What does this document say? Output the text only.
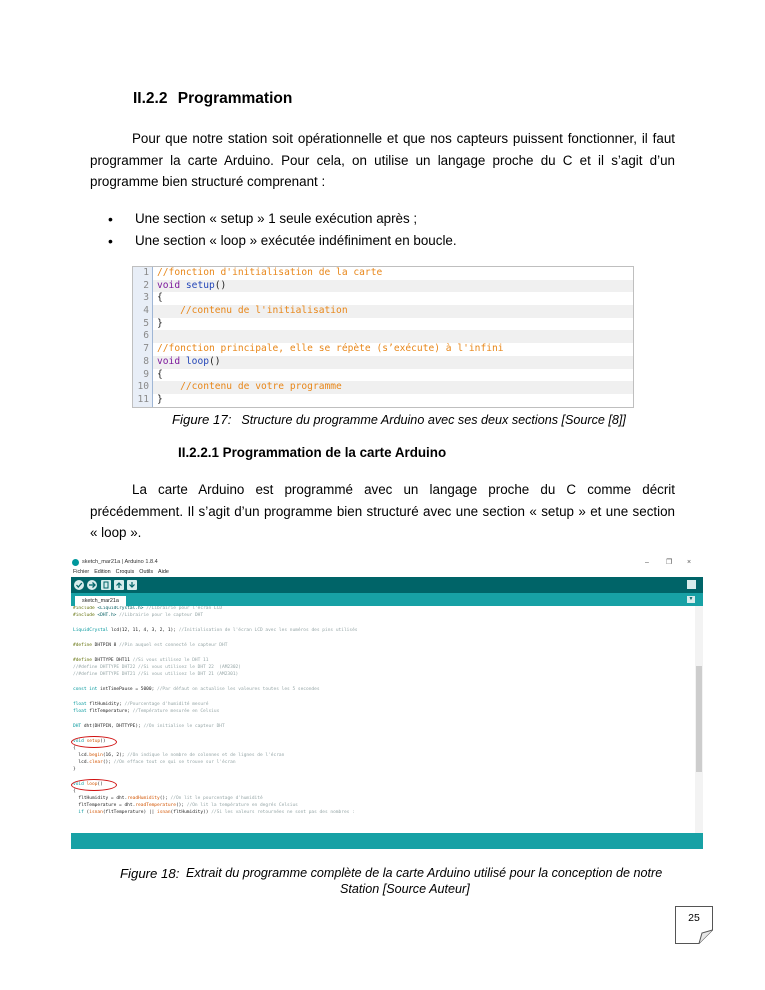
II.2.2 Programmation

Pour que notre station soit opérationnelle et que nos capteurs puissent fonctionner, il faut programmer la carte Arduino. Pour cela, on utilise un langage proche du C et il s’agit d’un programme bien structuré comprenant :

• Une section « setup » 1 seule exécution après ;
• Une section « loop » exécutée indéfiniment en boucle.
1 //fonction d'initialisation de la carte
2 void setup()
3 {
4 //contenu de l'initialisation
5 }
6
7 //fonction principale, elle se répète (s’exécute) à l'infini
8 void loop()
9 {
10 //contenu de votre programme
11 }
Figure 17: Structure du programme Arduino avec ses deux sections [Source [8]]
II.2.2.1 Programmation de la carte Arduino

La carte Arduino est programmé avec un langage proche du C comme décrit précédemment. Il s’agit d’un programme bien structuré avec une section « setup » et une section « loop ».

sketch_mar21a | Arduino 1.8.4	– ❐ ×
Fichier Edition Croquis Outils Aide
sketch_mar21a	▼
#include <LiquidCrystal.h> //Librairie pour l'écran LCD
#include <DHT.h> //Librairie pour le capteur DHT
LiquidCrystal lcd(12, 11, 4, 3, 2, 1); //Initialisation de l'écran LCD avec les numéros des pins utilisés
#define DHTPIN 8 //Pin auquel est connecté le capteur DHT
#define DHTTYPE DHT11 //Si vous utilisez le DHT 11
//#define DHTTYPE DHT22 //Si vous utilisez le DHT 22  (AM2302)
//#define DHTTYPE DHT21 //Si vous utilisez le DHT 21 (AM2301)
const int intTimePause = 5000; //Par défaut on actualise les valeures toutes les 5 secondes
float fltHumidity; //Pourcentage d'humidité mesuré
float fltTemperature; //Température mesurée en Celsius
DHT dht(DHTPIN, DHTTYPE); //On initialise le capteur DHT
void setup()
{
lcd.begin(16, 2); //On indique le nombre de colonnes et de lignes de l'écran
lcd.clear(); //On efface tout ce qui se trouve sur l'écran
}
void loop()
{
fltHumidity = dht.readHumidity(); //On lit le pourcentage d'humidité
fltTemperature = dht.readTemperature(); //On lit la température en degrés Celsius
if (isnan(fltTemperature) || isnan(fltHumidity)) //Si les valeurs retournées ne sont pas des nombres :
Figure 18: Extrait du programme complète de la carte Arduino utilisé pour la conception de notre
Station [Source Auteur]
25
